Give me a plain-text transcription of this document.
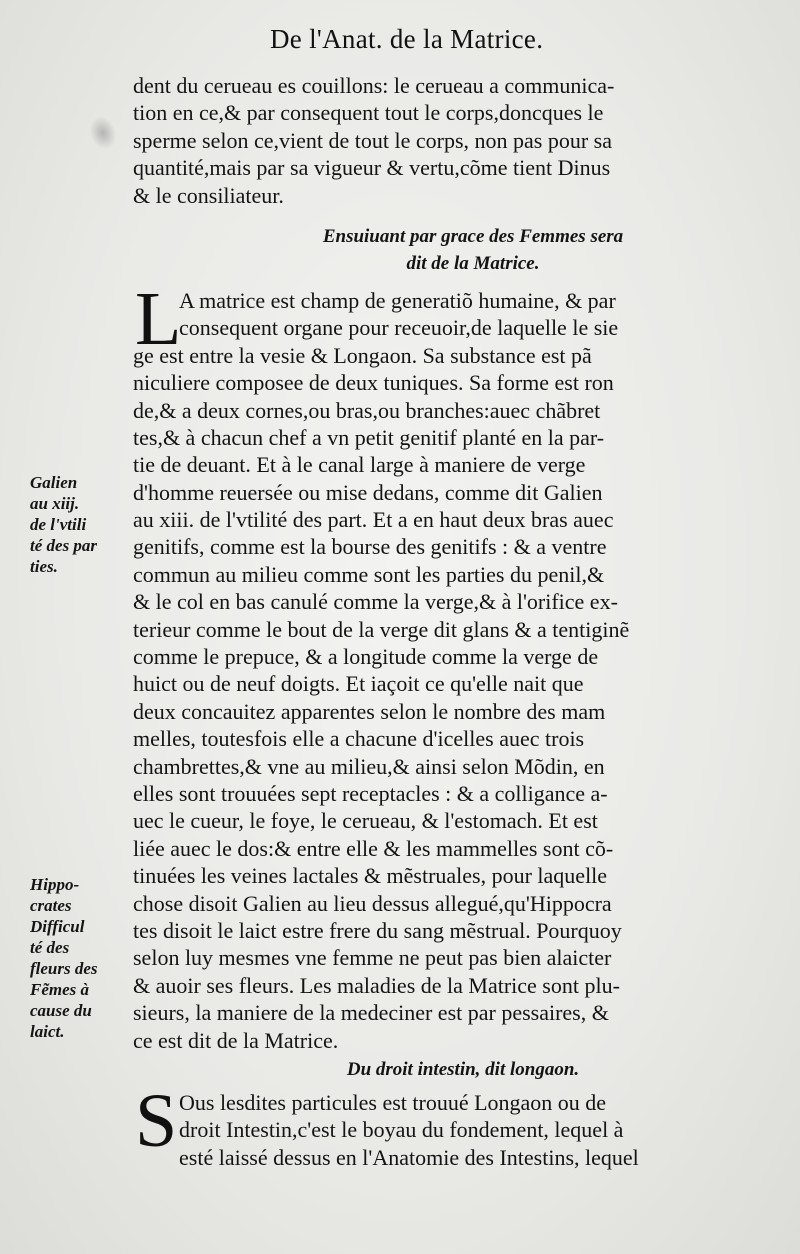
De l'Anat. de la Matrice.
dent du cerueau es couillons: le cerueau a communica-
tion en ce,& par consequent tout le corps,doncques le
sperme selon ce,vient de tout le corps, non pas pour sa
quantité,mais par sa vigueur & vertu,cõme tient Dinus
& le consiliateur.
Ensuiuant par grace des Femmes sera
dit de la Matrice.
L
A matrice est champ de generatiõ humaine, & par
consequent organe pour receuoir,de laquelle le sie
ge est entre la vesie & Longaon. Sa substance est pã
niculiere composee de deux tuniques. Sa forme est ron
de,& a deux cornes,ou bras,ou branches:auec chãbret
tes,& à chacun chef a vn petit genitif planté en la par-
tie de deuant. Et à le canal large à maniere de verge
d'homme reuersée ou mise dedans, comme dit Galien
au xiii. de l'vtilité des part. Et a en haut deux bras auec
genitifs, comme est la bourse des genitifs : & a ventre
commun au milieu comme sont les parties du penil,&
& le col en bas canulé comme la verge,& à l'orifice ex-
terieur comme le bout de la verge dit glans & a tentiginẽ
comme le prepuce, & a longitude comme la verge de
huict ou de neuf doigts. Et iaçoit ce qu'elle nait que
deux concauitez apparentes selon le nombre des mam
melles, toutesfois elle a chacune d'icelles auec trois
chambrettes,& vne au milieu,& ainsi selon Mõdin, en
elles sont trouuées sept receptacles : & a colligance a-
uec le cueur, le foye, le cerueau, & l'estomach. Et est
liée auec le dos:& entre elle & les mammelles sont cõ-
tinuées les veines lactales & mẽstruales, pour laquelle
chose disoit Galien au lieu dessus allegué,qu'Hippocra
tes disoit le laict estre frere du sang mẽstrual. Pourquoy
selon luy mesmes vne femme ne peut pas bien alaicter
& auoir ses fleurs. Les maladies de la Matrice sont plu-
sieurs, la maniere de la medeciner est par pessaires, &
ce est dit de la Matrice.
Du droit intestin, dit longaon.
S Ous lesdites particules est trouué Longaon ou de
droit Intestin,c'est le boyau du fondement, lequel à
esté laissé dessus en l'Anatomie des Intestins, lequel
Galien
au xiij.
de l'vtili
té des par
ties.
Hippo-
crates
Difficul
té des
fleurs des
Fẽmes à
cause du
laict.
